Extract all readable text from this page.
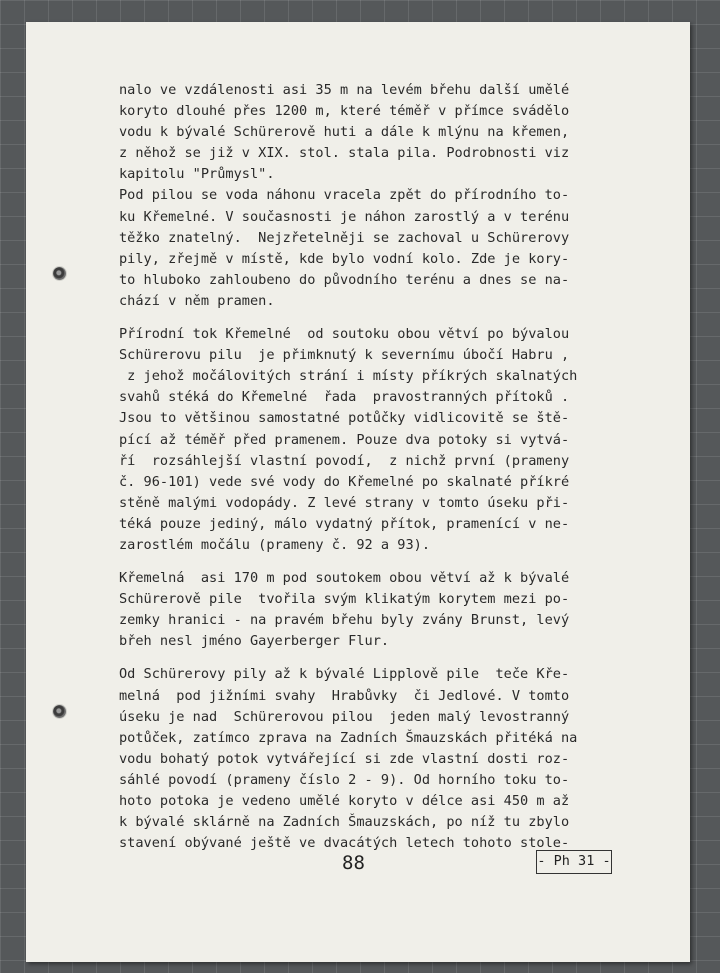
nalo ve vzdálenosti asi 35 m na levém břehu další umělé
koryto dlouhé přes 1200 m, které téměř v přímce svádělo
vodu k bývalé Schürerově huti a dále k mlýnu na křemen,
z něhož se již v XIX. stol. stala pila. Podrobnosti viz
kapitolu "Průmysl".
Pod pilou se voda náhonu vracela zpět do přírodního to-
ku Křemelné. V současnosti je náhon zarostlý a v terénu
těžko znatelný.  Nejzřetelněji se zachoval u Schürerovy
pily, zřejmě v místě, kde bylo vodní kolo. Zde je kory-
to hluboko zahloubeno do původního terénu a dnes se na-
chází v něm pramen.
Přírodní tok Křemelné  od soutoku obou větví po bývalou
Schürerovu pilu  je přimknutý k severnímu úbočí Habru ,
z jehož močálovitých strání i místy příkrých skalnatých
svahů stéká do Křemelné  řada  pravostranných přítoků .
Jsou to většinou samostatné potůčky vidlicovitě se ště-
pící až téměř před pramenem. Pouze dva potoky si vytvá-
ří  rozsáhlejší vlastní povodí,  z nichž první (prameny
č. 96-101) vede své vody do Křemelné po skalnaté příkré
stěně malými vodopády. Z levé strany v tomto úseku při-
téká pouze jediný, málo vydatný přítok, pramenící v ne-
zarostlém močálu (prameny č. 92 a 93).
Křemelná  asi 170 m pod soutokem obou větví až k bývalé
Schürerově pile  tvořila svým klikatým korytem mezi po-
zemky hranici - na pravém břehu byly zvány Brunst, levý
břeh nesl jméno Gayerberger Flur.
Od Schürerovy pily až k bývalé Lipplově pile  teče Kře-
melná  pod jižními svahy  Hrabůvky  či Jedlové. V tomto
úseku je nad  Schürerovou pilou  jeden malý levostranný
potůček, zatímco zprava na Zadních Šmauzskách přitéká na
vodu bohatý potok vytvářející si zde vlastní dosti roz-
sáhlé povodí (prameny číslo 2 - 9). Od horního toku to-
hoto potoka je vedeno umělé koryto v délce asi 450 m až
k bývalé sklárně na Zadních Šmauzskách, po níž tu zbylo
stavení obývané ještě ve dvacátých letech tohoto stole-
88	- Ph 31 -
